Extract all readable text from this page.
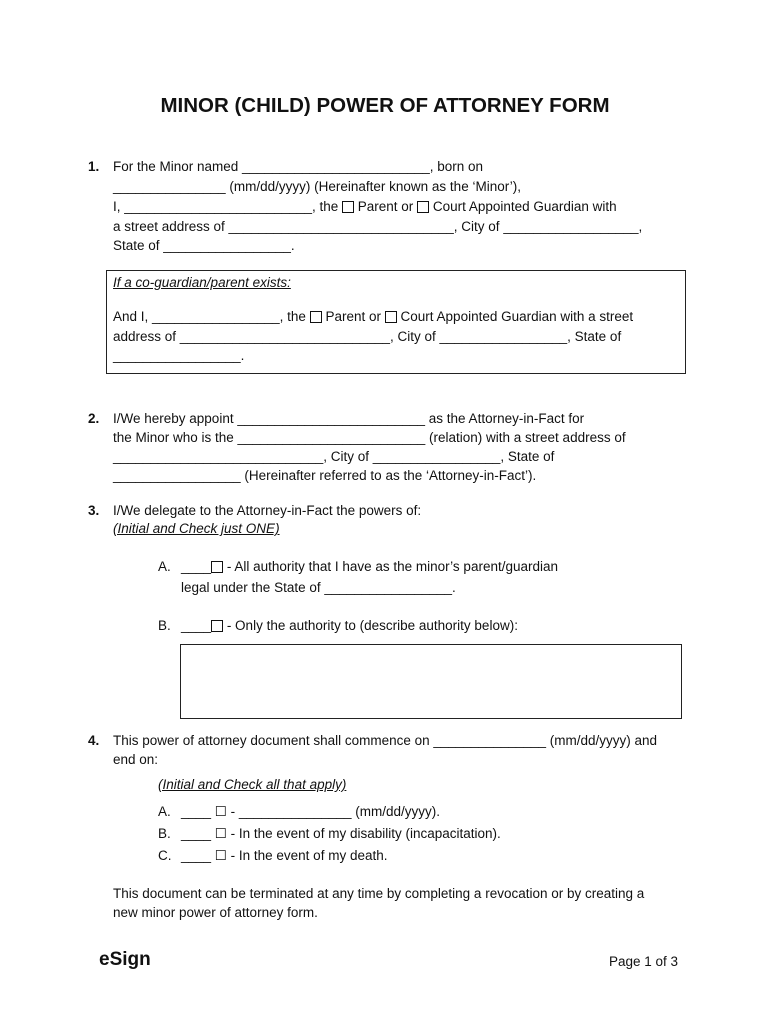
MINOR (CHILD) POWER OF ATTORNEY FORM
1. For the Minor named _________________________, born on
_______________ (mm/dd/yyyy) (Hereinafter known as the ‘Minor’),
I, _________________________, the Parent or Court Appointed Guardian with
a street address of ______________________________, City of __________________,
State of _________________.
If a co-guardian/parent exists:
And I, _________________, the Parent or Court Appointed Guardian with a street
address of ____________________________, City of _________________, State of
_________________.
2. I/We hereby appoint _________________________ as the Attorney-in-Fact for
the Minor who is the _________________________ (relation) with a street address of
____________________________, City of _________________, State of
_________________ (Hereinafter referred to as the ‘Attorney-in-Fact’).
3. I/We delegate to the Attorney-in-Fact the powers of:
(Initial and Check just ONE)
A. ____ - All authority that I have as the minor’s parent/guardian
legal under the State of _________________.
B. ____ - Only the authority to (describe authority below):
4. This power of attorney document shall commence on _______________ (mm/dd/yyyy) and
end on:
(Initial and Check all that apply)
A. ____ ☐ - _______________ (mm/dd/yyyy).
B. ____ ☐ - In the event of my disability (incapacitation).
C. ____ ☐ - In the event of my death.
This document can be terminated at any time by completing a revocation or by creating a
new minor power of attorney form.
eSign	Page 1 of 3
